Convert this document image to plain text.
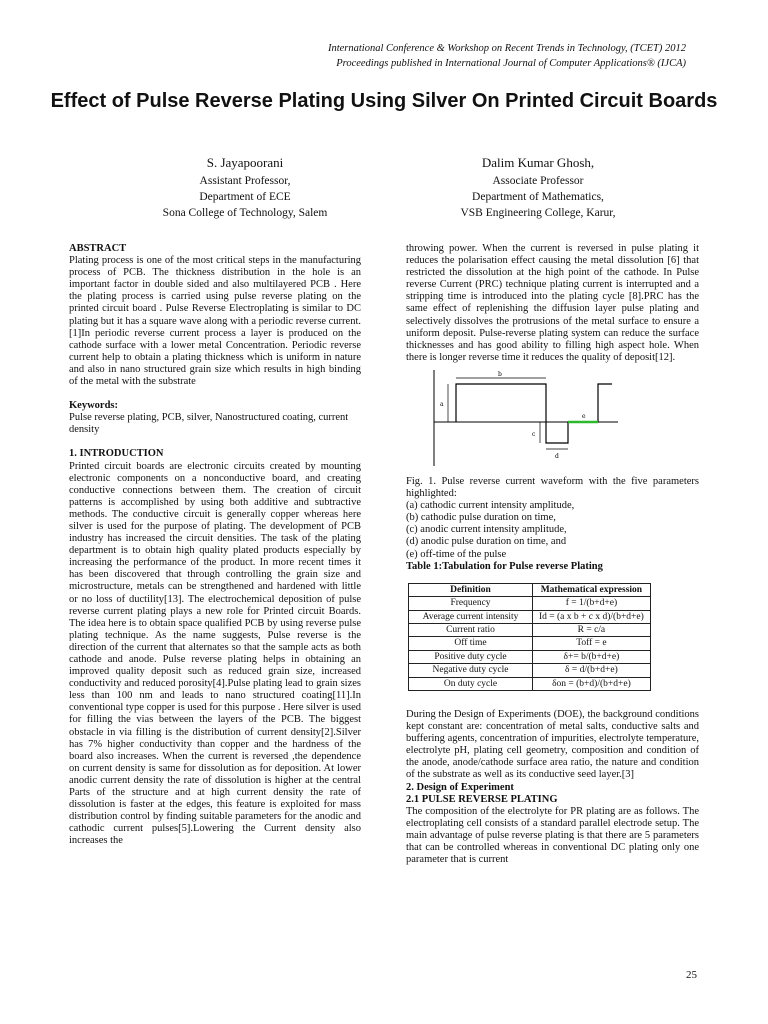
International Conference & Workshop on Recent Trends in Technology, (TCET) 2012
Proceedings published in International Journal of Computer Applications® (IJCA)
Effect of Pulse Reverse Plating Using Silver On Printed Circuit Boards
S. Jayapoorani
Assistant Professor,
Department of ECE
Sona College of Technology, Salem
Dalim Kumar Ghosh,
Associate Professor
Department of Mathematics,
VSB Engineering College, Karur,

ABSTRACT

Plating process is one of the most critical steps in the manufacturing process of PCB. The thickness distribution in the hole is an important factor in double sided and also multilayered PCB . Here the plating process is carried using pulse reverse plating on the printed circuit board . Pulse Reverse Electroplating is similar to DC plating but it has a square wave along with a periodic reverse current.[1]In periodic reverse current process a layer is produced on the cathode surface with a lower metal Concentration. Periodic reverse current help to obtain a plating thickness which is uniform in nature and also in nano structured grain size which results in high binding of the metal with the substrate

Keywords:

Pulse reverse plating, PCB, silver, Nanostructured coating, current density

1. INTRODUCTION

Printed circuit boards are electronic circuits created by mounting electronic components on a nonconductive board, and creating conductive connections between them. The creation of circuit patterns is accomplished by using both additive and subtractive methods. The conductive circuit is generally copper whereas here silver is used for the purpose of plating. The development of PCB industry has increased the circuit densities. The task of the plating department is to obtain high quality plated products especially by increasing the performance of the product. In more recent times it has been discovered that through controlling the grain size and microstructure, metals can be strengthened and hardened with little or no loss of ductility[13]. The electrochemical deposition of pulse reverse current plating plays a new role for Printed circuit Boards. The idea here is to obtain space qualified PCB by using reverse pulse plating technique. As the name suggests, Pulse reverse is the direction of the current that alternates so that the sample acts as both cathode and anode. Pulse reverse plating helps in obtaining an improved quality deposit such as reduced grain size, increased conductivity and reduced porosity[4].Pulse plating lead to grain sizes less than 100 nm and leads to nano structured coating[11].In conventional type copper is used for this purpose . Here silver is used for filling the vias between the layers of the PCB. The biggest obstacle in via filling is the distribution of current density[2].Silver has 7% higher conductivity than copper and the hardness of the board also increases. When the current is reversed ,the dependence on current density is same for dissolution as for deposition. At lower anodic current density the rate of dissolution is higher at the central Parts of the structure and at high current density the rate of dissolution is faster at the edges, this feature is exploited for mass distribution control by finding suitable parameters for the anodic and cathodic current pulses[5].Lowering the Current density also increases the

throwing power. When the current is reversed in pulse plating it reduces the polarisation effect causing the metal dissolution [6] that restricted the dissolution at the high point of the cathode. In Pulse reverse Current (PRC) technique plating current is interrupted and a stripping time is introduced into the plating cycle [8].PRC has the same effect of replenishing the diffusion layer pulse plating and selectively dissolves the protrusions of the metal surface to ensure a uniform deposit. Pulse-reverse plating system can reduce the surface thicknesses and has good ability to filling high aspect hole. When there is longer reverse time it reduces the quality of deposit[12].

a
b
c
d
e

Fig. 1. Pulse reverse current waveform with the five parameters highlighted:

(a) cathodic current intensity amplitude,

(b) cathodic pulse duration on time,

(c) anodic current intensity amplitude,

(d) anodic pulse duration on time, and

(e) off-time of the pulse

Table 1:Tabulation for Pulse reverse Plating

Definition	Mathematical expression
Frequency	f = 1/(b+d+e)
Average current intensity	Id = (a x b + c x d)/(b+d+e)
Current ratio	R = c/a
Off time	Toff = e
Positive duty cycle	δ+= b/(b+d+e)
Negative duty cycle	δ = d/(b+d+e)
On duty cycle	δon = (b+d)/(b+d+e)

During the Design of Experiments (DOE), the background conditions kept constant are: concentration of metal salts, conductive salts and buffering agents, concentration of impurities, electrolyte temperature, electrolyte pH, plating cell geometry, composition and condition of the anode, anode/cathode surface area ratio, the nature and condition of the substrate as well as its conductive seed layer.[3]

2. Design of Experiment

2.1 PULSE REVERSE PLATING

The composition of the electrolyte for PR plating are as follows. The electroplating cell consists of a standard parallel electrode setup. The main advantage of pulse reverse plating is that there are 5 parameters that can be controlled whereas in conventional DC plating only one parameter that is current

25
